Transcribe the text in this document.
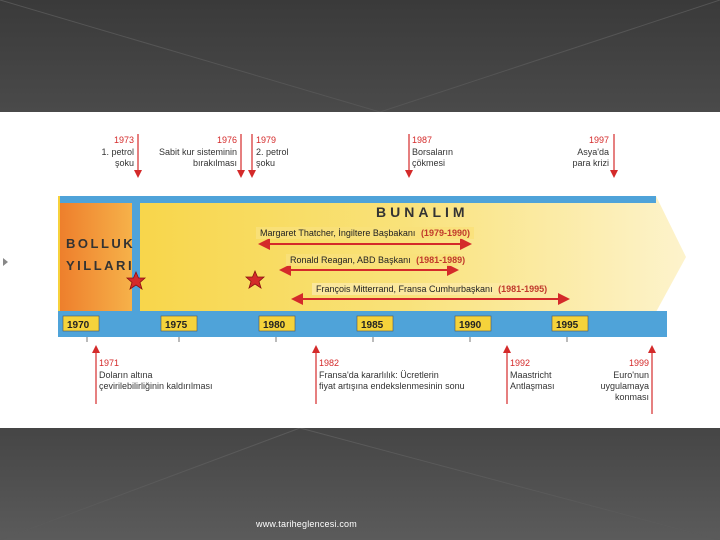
BOLLUK
YILLARI
BUNALIM
Margaret Thatcher, İngiltere Başbakanı (1979-1990)
Ronald Reagan, ABD Başkanı (1981-1989)
François Mitterrand, Fransa Cumhurbaşkanı (1981-1995)
1970	1975	1980	1985	1990	1995
1973
1. petrol
şoku
1976
Sabit kur sisteminin
bırakılması
1979
2. petrol
şoku
1987
Borsaların
çökmesi
1997
Asya'da
para krizi
1971
Doların altına
çevirilebilirliğinin kaldırılması
1982
Fransa'da kararlılık: Ücretlerin
fiyat artışına endekslenmesinin sonu
1992
Maastricht
Antlaşması
1999
Euro'nun
uygulamaya
konması
www.tariheglencesi.com
